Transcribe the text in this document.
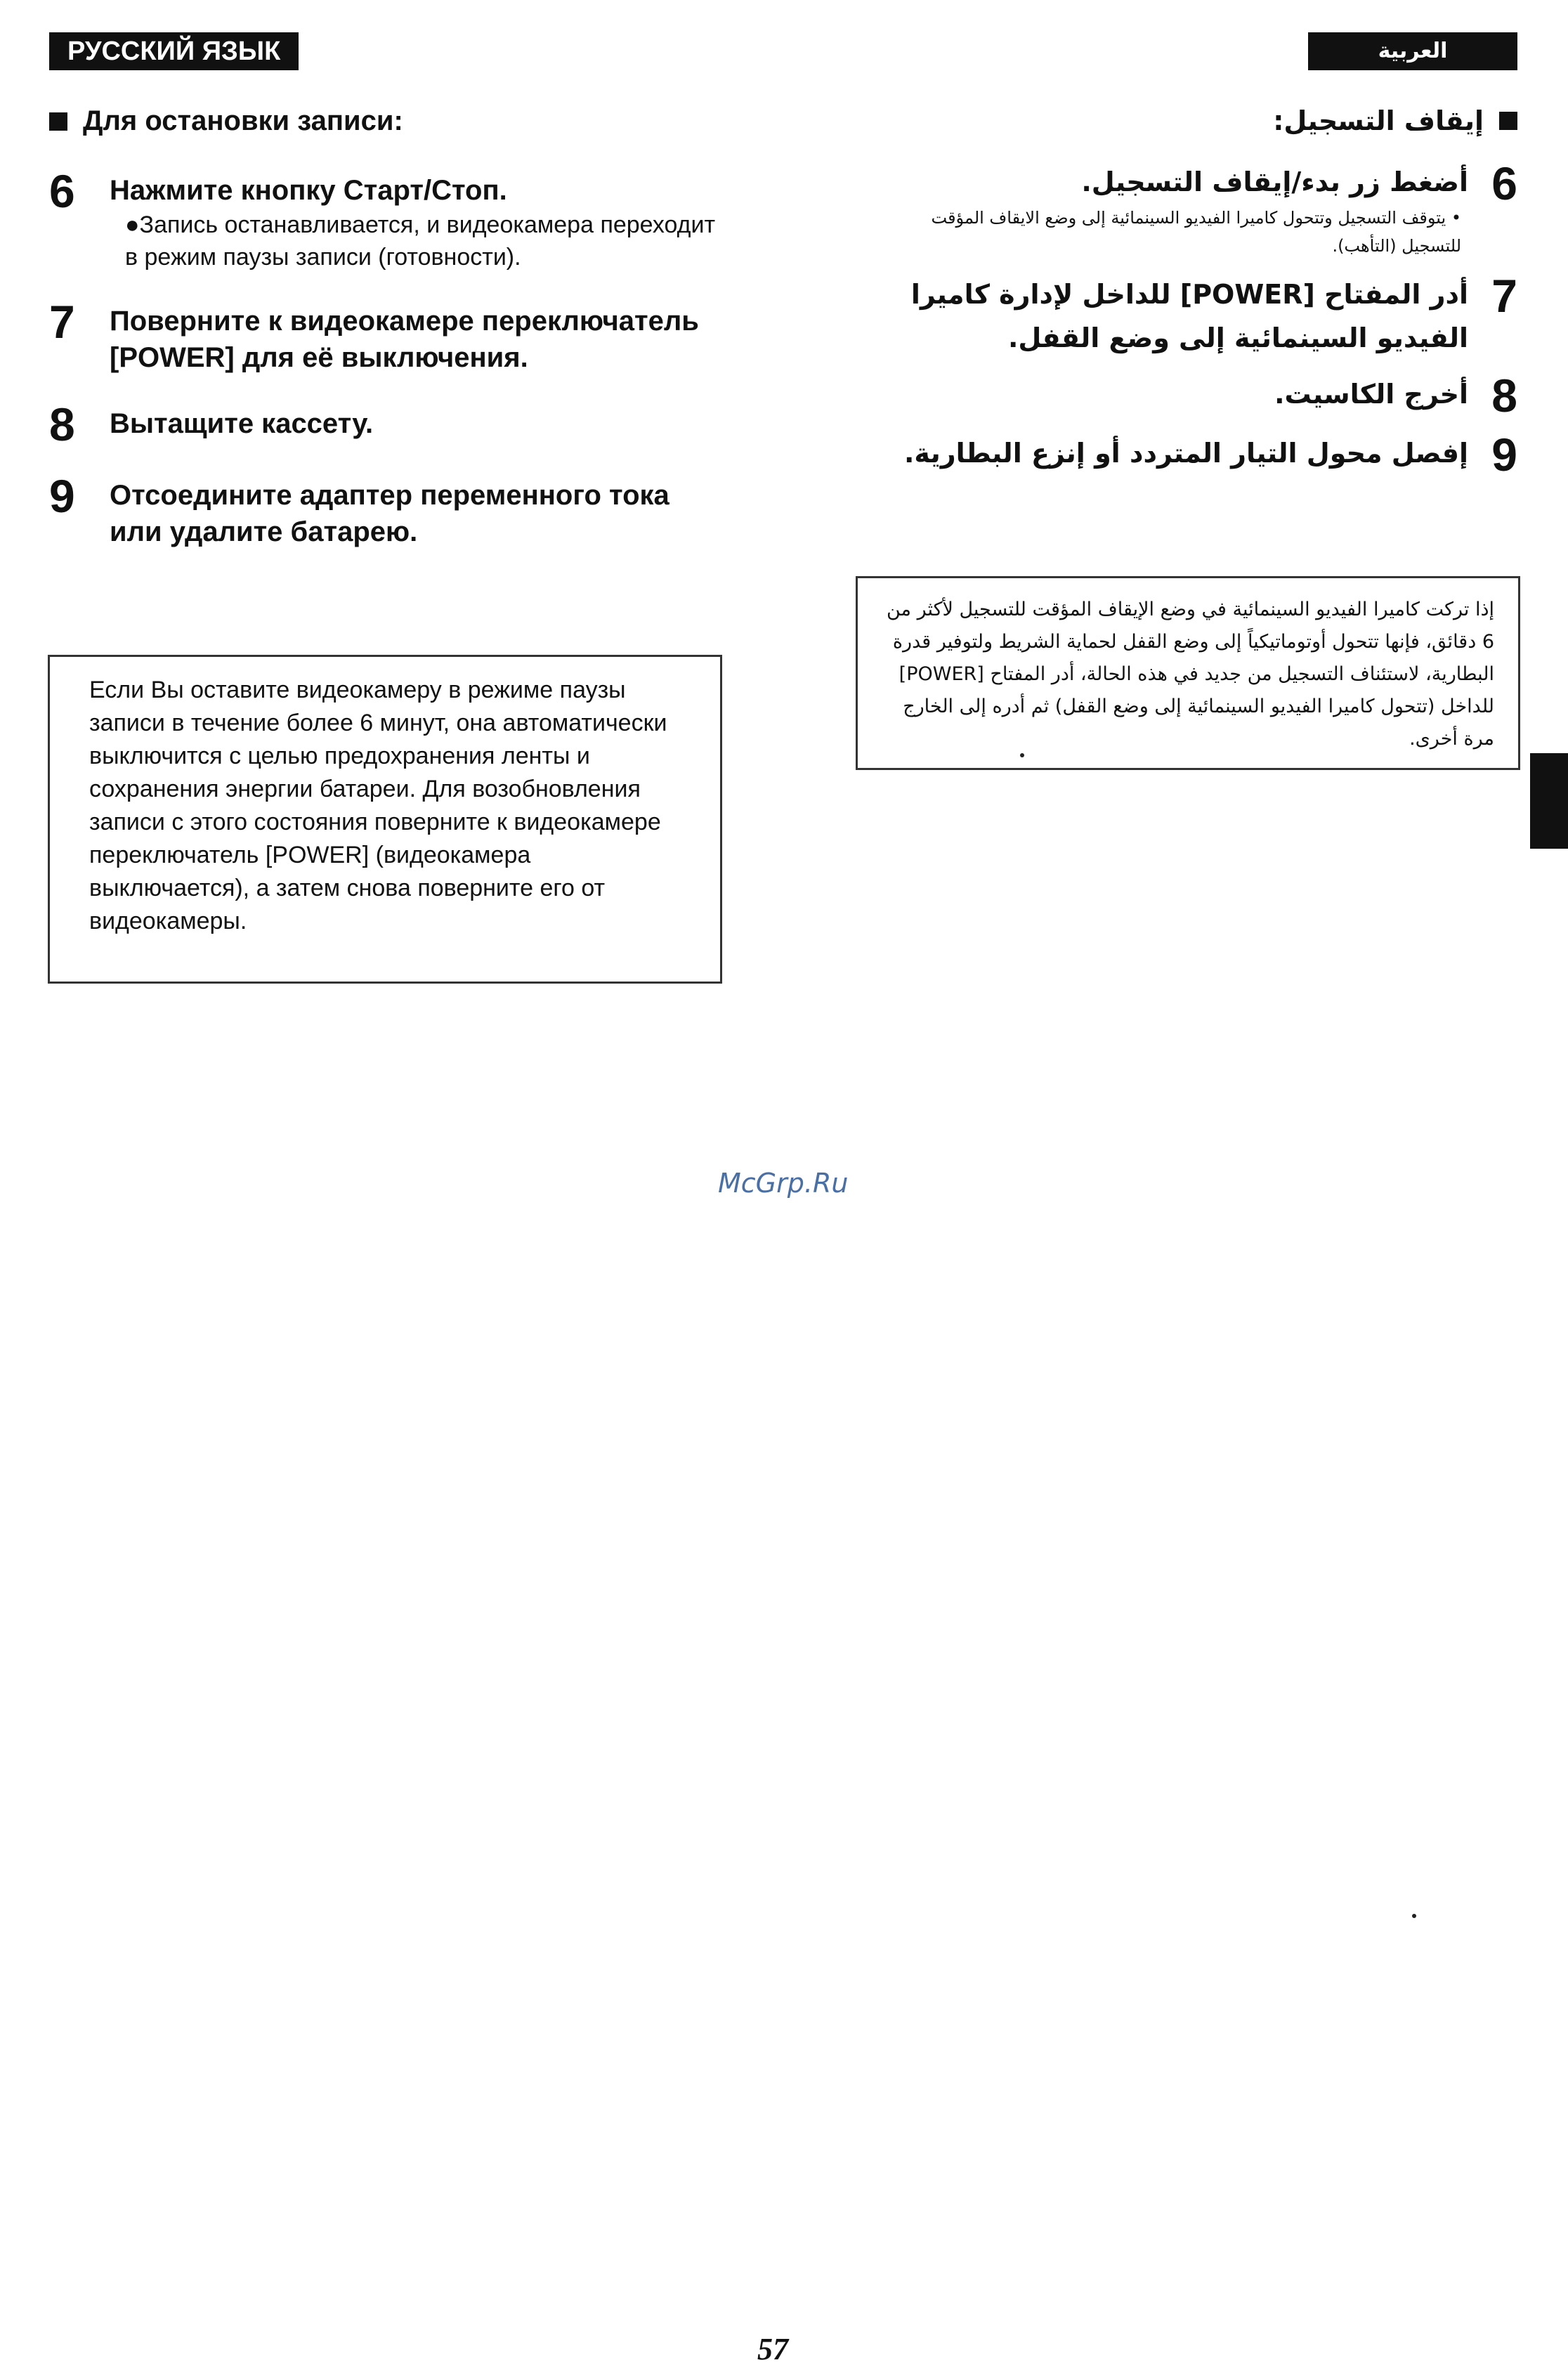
РУССКИЙ ЯЗЫК	العربية
Для остановки записи:
6	Нажмите кнопку Старт/Стоп.
●Запись останавливается, и видеокамера переходит в режим паузы записи (готовности).
7	Поверните к видеокамере переключатель [POWER] для её выключения.
8	Вытащите кассету.
9	Отсоедините адаптер переменного тока или удалите батарею.
Если Вы оставите видеокамеру в режиме паузы записи в течение более 6 минут, она автоматически выключится с целью предохранения ленты и сохранения энергии батареи. Для возобновления записи с этого состояния поверните к видеокамере переключатель [POWER] (видеокамера выключается), а затем снова поверните его от видеокамеры.
إيقاف التسجيل:
6
أضغط زر بدء/إيقاف التسجيل.
• يتوقف التسجيل وتتحول كاميرا الفيديو السينمائية إلى وضع الايقاف المؤقت للتسجيل (التأهب).
7
أدر المفتاح [POWER] للداخل لإدارة كاميرا الفيديو السينمائية إلى وضع القفل.
8
أخرج الكاسيت.
9
إفصل محول التيار المتردد أو إنزع البطارية.
إذا تركت كاميرا الفيديو السينمائية في وضع الإيقاف المؤقت للتسجيل لأكثر من 6 دقائق، فإنها تتحول أوتوماتيكياً إلى وضع القفل لحماية الشريط ولتوفير قدرة البطارية، لاستئناف التسجيل من جديد في هذه الحالة، أدر المفتاح [POWER] للداخل (تتحول كاميرا الفيديو السينمائية إلى وضع القفل) ثم أدره إلى الخارج مرة أخرى.
McGrp.Ru
57
